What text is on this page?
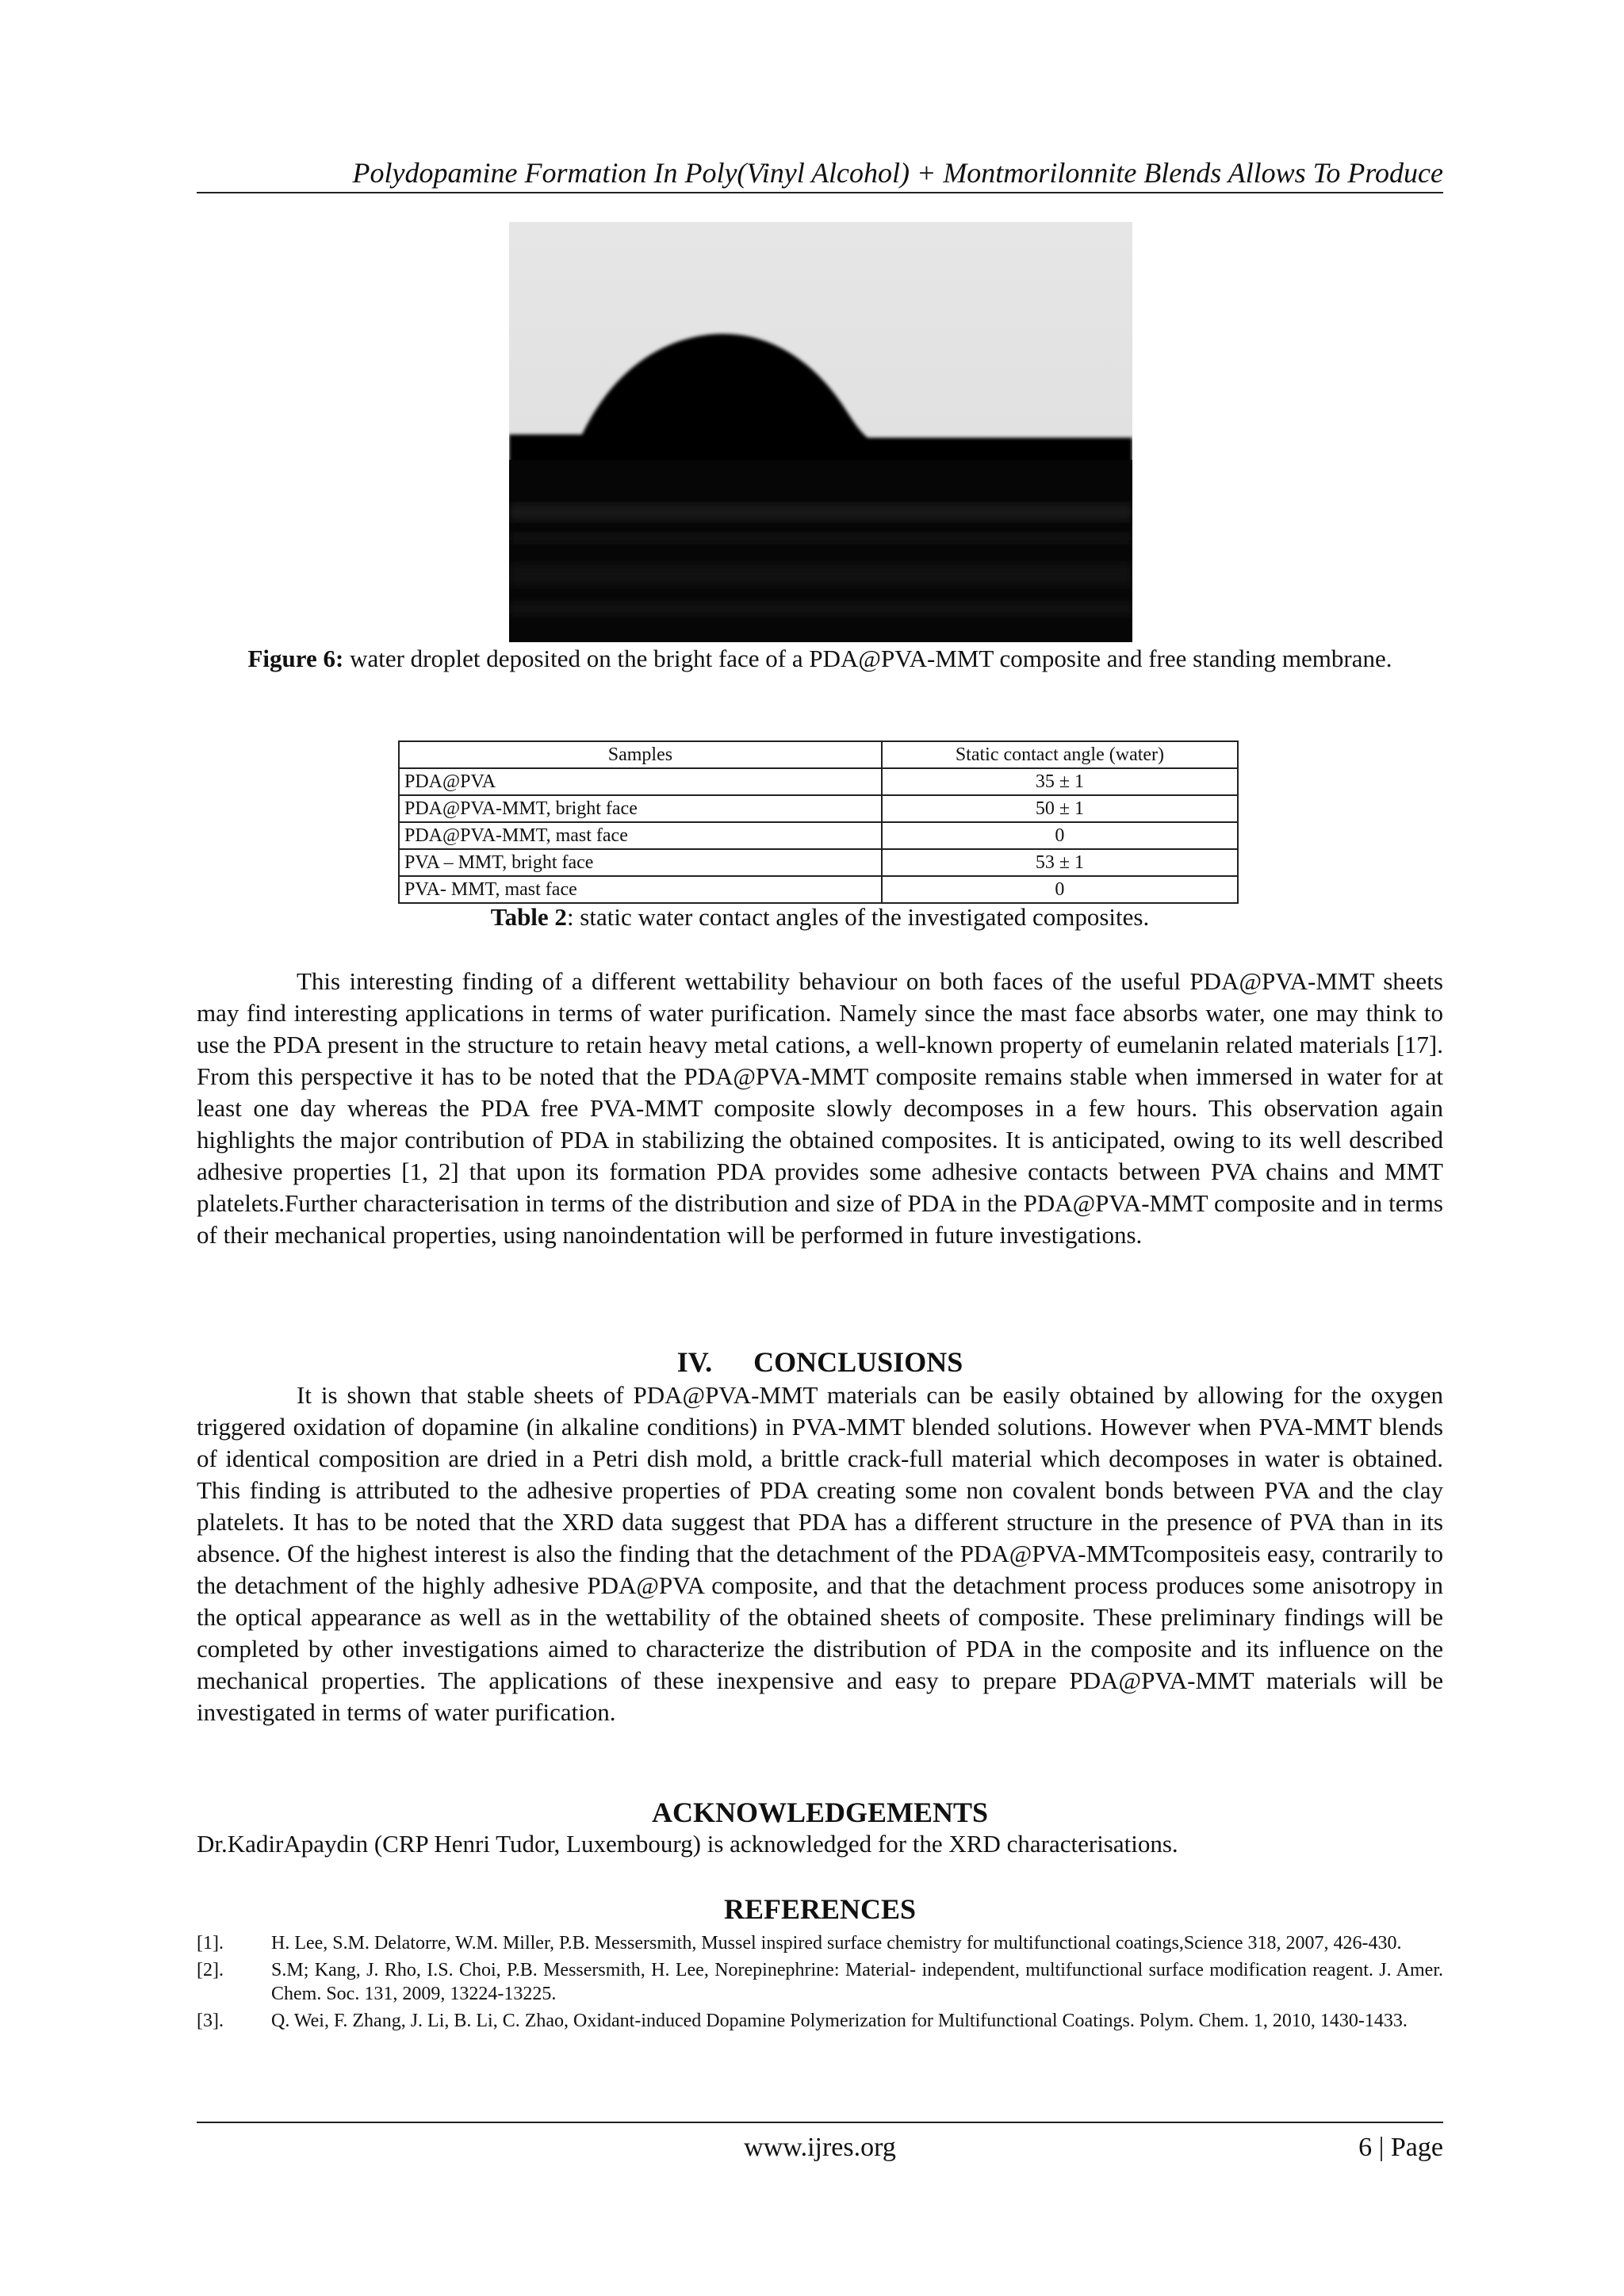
Polydopamine Formation In Poly(Vinyl Alcohol) + Montmorilonnite Blends Allows To Produce
Figure 6: water droplet deposited on the bright face of a PDA@PVA-MMT composite and free standing membrane.
Samples	Static contact angle (water)
PDA@PVA	35 ± 1
PDA@PVA-MMT, bright face	50 ± 1
PDA@PVA-MMT, mast face	0
PVA – MMT, bright face	53 ± 1
PVA- MMT, mast face	0
Table 2: static water contact angles of the investigated composites.

This interesting finding of a different wettability behaviour on both faces of the useful PDA@PVA-MMT sheets may find interesting applications in terms of water purification. Namely since the mast face absorbs water, one may think to use the PDA present in the structure to retain heavy metal cations, a well-known property of eumelanin related materials [17]. From this perspective it has to be noted that the PDA@PVA-MMT composite remains stable when immersed in water for at least one day whereas the PDA free PVA-MMT composite slowly decomposes in a few hours. This observation again highlights the major contribution of PDA in stabilizing the obtained composites. It is anticipated, owing to its well described adhesive properties [1, 2] that upon its formation PDA provides some adhesive contacts between PVA chains and MMT platelets.Further characterisation in terms of the distribution and size of PDA in the PDA@PVA-MMT composite and in terms of their mechanical properties, using nanoindentation will be performed in future investigations.

IV. CONCLUSIONS

It is shown that stable sheets of PDA@PVA-MMT materials can be easily obtained by allowing for the oxygen triggered oxidation of dopamine (in alkaline conditions) in PVA-MMT blended solutions. However when PVA-MMT blends of identical composition are dried in a Petri dish mold, a brittle crack-full material which decomposes in water is obtained. This finding is attributed to the adhesive properties of PDA creating some non covalent bonds between PVA and the clay platelets. It has to be noted that the XRD data suggest that PDA has a different structure in the presence of PVA than in its absence. Of the highest interest is also the finding that the detachment of the PDA@PVA-MMTcompositeis easy, contrarily to the detachment of the highly adhesive PDA@PVA composite, and that the detachment process produces some anisotropy in the optical appearance as well as in the wettability of the obtained sheets of composite. These preliminary findings will be completed by other investigations aimed to characterize the distribution of PDA in the composite and its influence on the mechanical properties. The applications of these inexpensive and easy to prepare PDA@PVA-MMT materials will be investigated in terms of water purification.

ACKNOWLEDGEMENTS
Dr.KadirApaydin (CRP Henri Tudor, Luxembourg) is acknowledged for the XRD characterisations.
REFERENCES
[1].	H. Lee, S.M. Delatorre, W.M. Miller, P.B. Messersmith, Mussel inspired surface chemistry for multifunctional coatings,Science 318, 2007, 426-430.
[2].	S.M; Kang, J. Rho, I.S. Choi, P.B. Messersmith, H. Lee, Norepinephrine: Material- independent, multifunctional surface modification reagent. J. Amer. Chem. Soc. 131, 2009, 13224-13225.
[3].	Q. Wei, F. Zhang, J. Li, B. Li, C. Zhao, Oxidant-induced Dopamine Polymerization for Multifunctional Coatings. Polym. Chem. 1, 2010, 1430-1433.
www.ijres.org	6 | Page
